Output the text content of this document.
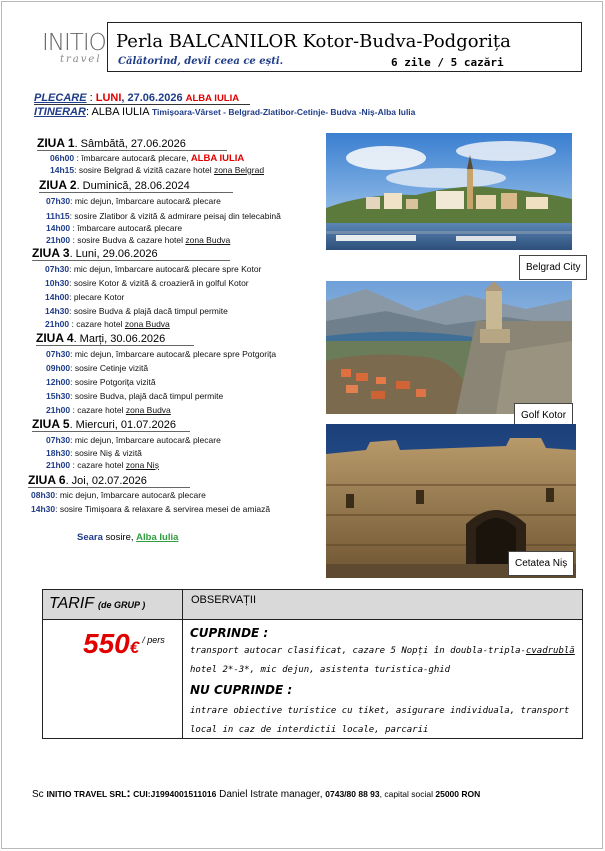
INITIO
travel
Perla BALCANILOR Kotor-Budva-Podgorița
Călătorind, devii ceea ce ești.	6 zile / 5 cazări
PLECARE : LUNI, 27.06.2026 ALBA IULIA
ITINERAR: ALBA IULIA Timișoara-Vârset - Belgrad-Zlatibor-Cetinje- Budva -Niș-Alba Iulia
ZIUA 1. Sâmbătă, 27.06.2026
06h00 : îmbarcare autocar& plecare, ALBA IULIA
14h15: sosire Belgrad & vizită cazare hotel zona Belgrad
ZIUA 2. Duminică, 28.06.2024
07h30: mic dejun, îmbarcare autocar& plecare
11h15: sosire Zlatibor & vizită & admirare peisaj din telecabină
14h00 : îmbarcare autocar& plecare
21h00 : sosire Budva & cazare hotel zona Budva
ZIUA 3. Luni, 29.06.2026
07h30: mic dejun, îmbarcare autocar& plecare spre Kotor
10h30: sosire Kotor & vizită & croazieră in golful Kotor
14h00: plecare Kotor
14h30: sosire Budva & plajă dacă timpul permite
21h00 : cazare hotel zona Budva
ZIUA 4. Marți, 30.06.2026
07h30: mic dejun, îmbarcare autocar& plecare spre Potgorița
09h00: sosire Cetinje vizită
12h00: sosire Potgorița vizită
15h30: sosire Budva, plajă dacă timpul permite
21h00 : cazare hotel zona Budva
ZIUA 5. Miercuri, 01.07.2026
07h30: mic dejun, îmbarcare autocar& plecare
18h30: sosire Niș & vizită
21h00 : cazare hotel zona Niș
ZIUA 6. Joi, 02.07.2026
08h30: mic dejun, îmbarcare autocar& plecare
14h30: sosire Timișoara & relaxare & servirea mesei de amiază
Seara sosire, Alba Iulia
Belgrad City
Golf Kotor
Cetatea Niș
TARIF (de GRUP )	OBSERVAȚII
550€ $^{/ pers}$ CUPRINDE :
transport autocar clasificat, cazare 5 Nopți în doubla-tripla-cvadrublă hotel 2*-3*, mic dejun, asistenta turistica-ghid
NU CUPRINDE :
intrare obiective turistice cu tiket, asigurare individuala, transport local in caz de interdictii locale, parcarii
Sc INITIO TRAVEL SRL: CUI:J1994001511016 Daniel Istrate manager, 0743/80 88 93, capital social 25000 RON
